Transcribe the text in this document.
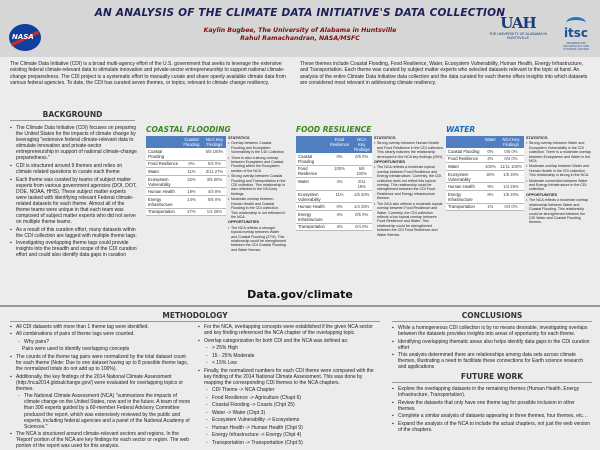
NASA
AN ANALYSIS OF THE CLIMATE DATA INITIATIVE'S DATA COLLECTION
Kaylin Bugbee, The University of Alabama in Huntsville
Rahul Ramachandran, NASA/MSFC
UAH
THE UNIVERSITY OF ALABAMA IN HUNTSVILLE	itsc
INFORMATION TECHNOLOGY AND SYSTEMS CENTER

The Climate Data Initiative (CDI) is a broad multi-agency effort of the U.S. government that seeks to leverage the extensive existing federal climate-relevant data to stimulate innovation and private-sector entrepreneurship to support national climate-change preparedness. The CDI project is a systematic effort to manually curate and share openly available climate data from various federal agencies. To date, the CDI has curated seven themes, or topics, relevant to climate change resiliency.

These themes include Coastal Flooding, Food Resilience, Water, Ecosystem Vulnerability, Human Health, Energy Infrastructure, and Transportation. Each theme was curated by subject matter experts who selected datasets relevant to the topic at hand. An analysis of the entire Climate Data Initiative data collection and the data curated for each theme offers insights into which datasets are considered most relevant in addressing climate resiliency.

BACKGROUND
▪ The Climate Data Initiative (CDI) focuses on preparing the United States for the impacts of climate change by leveraging "extensive federal climate-relevant data to stimulate innovation and private-sector entrepreneurship in support of national climate-change preparedness."
▪ CDI is structured around 9 themes and relies on climate related questions to curate each theme
▪ Each theme was curated by teams of subject matter experts from various government agencies (DOI, DOT, DOE, NOAA, HHS). These subject matter experts were tasked with identifying relevant Federal climate-related datasets for each theme. Almost all of the theme teams were unique in that each team was composed of subject matter experts who did not serve on multiple theme teams.
▪ As a result of this curation effort, many datasets within the CDI collection are tagged with multiple theme tags.
▪ Investigating overlapping theme tags could provide insights into the breadth and scope of the CDI curation effort and could also identify data gaps in curation
COASTAL FLOODING
	Coastal Flooding	NCA Key Findings
Coastal Flooding		5/5 100%
Food Resilience	8%	0/4 0%
Water	11%	3/11 27%
Ecosystem Vulnerability	32%	3/5 60%
Human Health	19%	4/4 8%
Energy Infrastructure	14%	0/5 0%
Transportation	27%	1/4 25%
STATISTICS
• Overlap between Coastal Flooding and Ecosystem Vulnerability is the CDI Collection
• There is also a strong overlap between Ecosystem and Coastal Flooding within the Ecosystem section of the NCA
• Strong overlap between Coastal Flooding and Transportation in the CDI collection. This relationship is also reflected in the NCA key findings.
• Moderate overlap between Human Health and Coastal Flooding in the CDI collection. This relationship is not reflected in the NCA.
OPPORTUNITIES
• The NCA reflects a stronger topical overlap between Water and Coastal Flooding (27%). This relationship could be strengthened between the CDI Coastal Flooding and Water themes.
FOOD RESILIENCE
	Food Resilience	NCA Key Findings
Coastal Flooding	0%	0/5 0%
Food Resilience	100%	6/6 100%
Water	4%	2/11 18%
Ecosystem Vulnerability	11%	1/5 20%
Human Health	0%	1/4 25%
Energy Infrastructure	4%	0/5 0%
Transportation	4%	0/4 0%
STATISTICS
• Strong overlap between Human Health and Food Resilience in the CDI collection. This clearly matches the relationship developed in the NCA key findings (25%).
OPPORTUNITIES
• The NCA reflects a moderate topical overlap between Food Resilience and Energy Infrastructure. Currently, the CDI collection does not reflect this topical overlap. This relationship could be strengthened between the CDI Food Resilience and Energy Infrastructure themes.
• The NCA also reflects a moderate topical overlap between Food Resilience and Water. Currently, the CDI collection reflects a low topical overlap between Food Resilience and Water. This relationship could be strengthened between the CDI Food Resilience and Water themes.
WATER
	Water	NCA Key Findings
Coastal Flooding	0%	0/5 0%
Food Resilience	2%	0/4 0%
Water	100%	11/11 100%
Ecosystem Vulnerability	30%	1/5 20%
Human Health	9%	1/4 25%
Energy Infrastructure	8%	1/5 20%
Transportation	1%	0/4 0%
STATISTICS
• Strong overlap between Water and Ecosystem Vulnerability in the CDI collection. There is a moderate overlap between Ecosystems and Water in the NCA
• Moderate overlap between Water and Human Health in the CDI collection. This relationship is strong in the NCA.
• Moderate connection between Water and Energy Infrastructure in the CDI collection.
OPPORTUNITIES
• The NCA reflects a moderate overlap relationship between Water and Coastal Flooding. This relationship could be strengthened between the CDI Water and Coastal Flooding themes.
Data.gov/climate
METHODOLOGY
▪ All CDI datasets with more than 1 theme tag were identified.
▪ All combinations of pairs of theme tags were counted.
◦ Why pairs?
Pairs were used to identify overlapping concepts
▪ The counts of the theme tag pairs were normalized by the total dataset count for each theme (Note: Due to one dataset having up to 8 possible theme tags, the normalized totals do not add up to 100%).
▪ Additionally, the key findings of the 2014 National Climate Assessment (http://nca2014.globalchange.gov/) were evaluated for overlapping topics or themes.
◦ The National Climate Assessment (NCA) "summarizes the impacts of climate change on the United States, now and in the future. A team of more than 300 experts guided by a 60-member Federal Advisory Committee produced the report, which was extensively reviewed by the public and experts, including federal agencies and a panel of the National Academy of Sciences."
▪ The NCA is structured around climate-relevant sectors and regions. In the 'Report' portion of the NCA are key findings for each sector or region. The web portion of the report was used for this analysis.
▪ For the NCA, overlapping concepts were established if the given NCA sector and key finding referenced the NCA chapter of the overlapping topic.
▪ Overlap categorization for both CDI and the NCA was defined as:
◦ > 25% High
◦ 15 - 25% Moderate
◦ < 15% Low
▪ Finally, the normalized numbers for each CDI theme were compared with the key finding of the 2014 National Climate Assessment. This was done by mapping the corresponding CDI themes to the NCA chapters.
◦ CDI Theme -> NCA Chapter
◦ Food Resilience -> Agriculture (Chapt 6)
◦ Coastal Flooding -> Coasts (Chpt 25)
◦ Water -> Water (Chpt 3)
◦ Ecosystem Vulnerability -> Ecosystems
◦ Human Health -> Human Health (Chpt 9)
◦ Energy Infrastructure -> Energy (Chpt 4)
◦ Transportation -> Transportation (Chpt 5)
CONCLUSIONS
▪ While a homogeneous CDI collection is by no means desirable, investigating overlaps between the datasets provides insights into areas of opportunity for each theme.
▪ Identifying overlapping thematic areas also helps identify data gaps in the CDI curation effort
▪ This analysis determined there are relationships among data sets across climate themes, illustrating a need to facilitate these connections for Earth science research and applications
FUTURE WORK
▪ Explore the overlapping datasets in the remaining themes (Human Health, Energy Infrastructure, Transportation).
▪ Review the datasets that only have one theme tag for possible inclusion in other themes.
▪ Complete a similar analysis of datasets appearing in three themes, four themes, etc…
▪ Expand the analysis of the NCA to include the actual chapters, not just the web version of the chapters.
